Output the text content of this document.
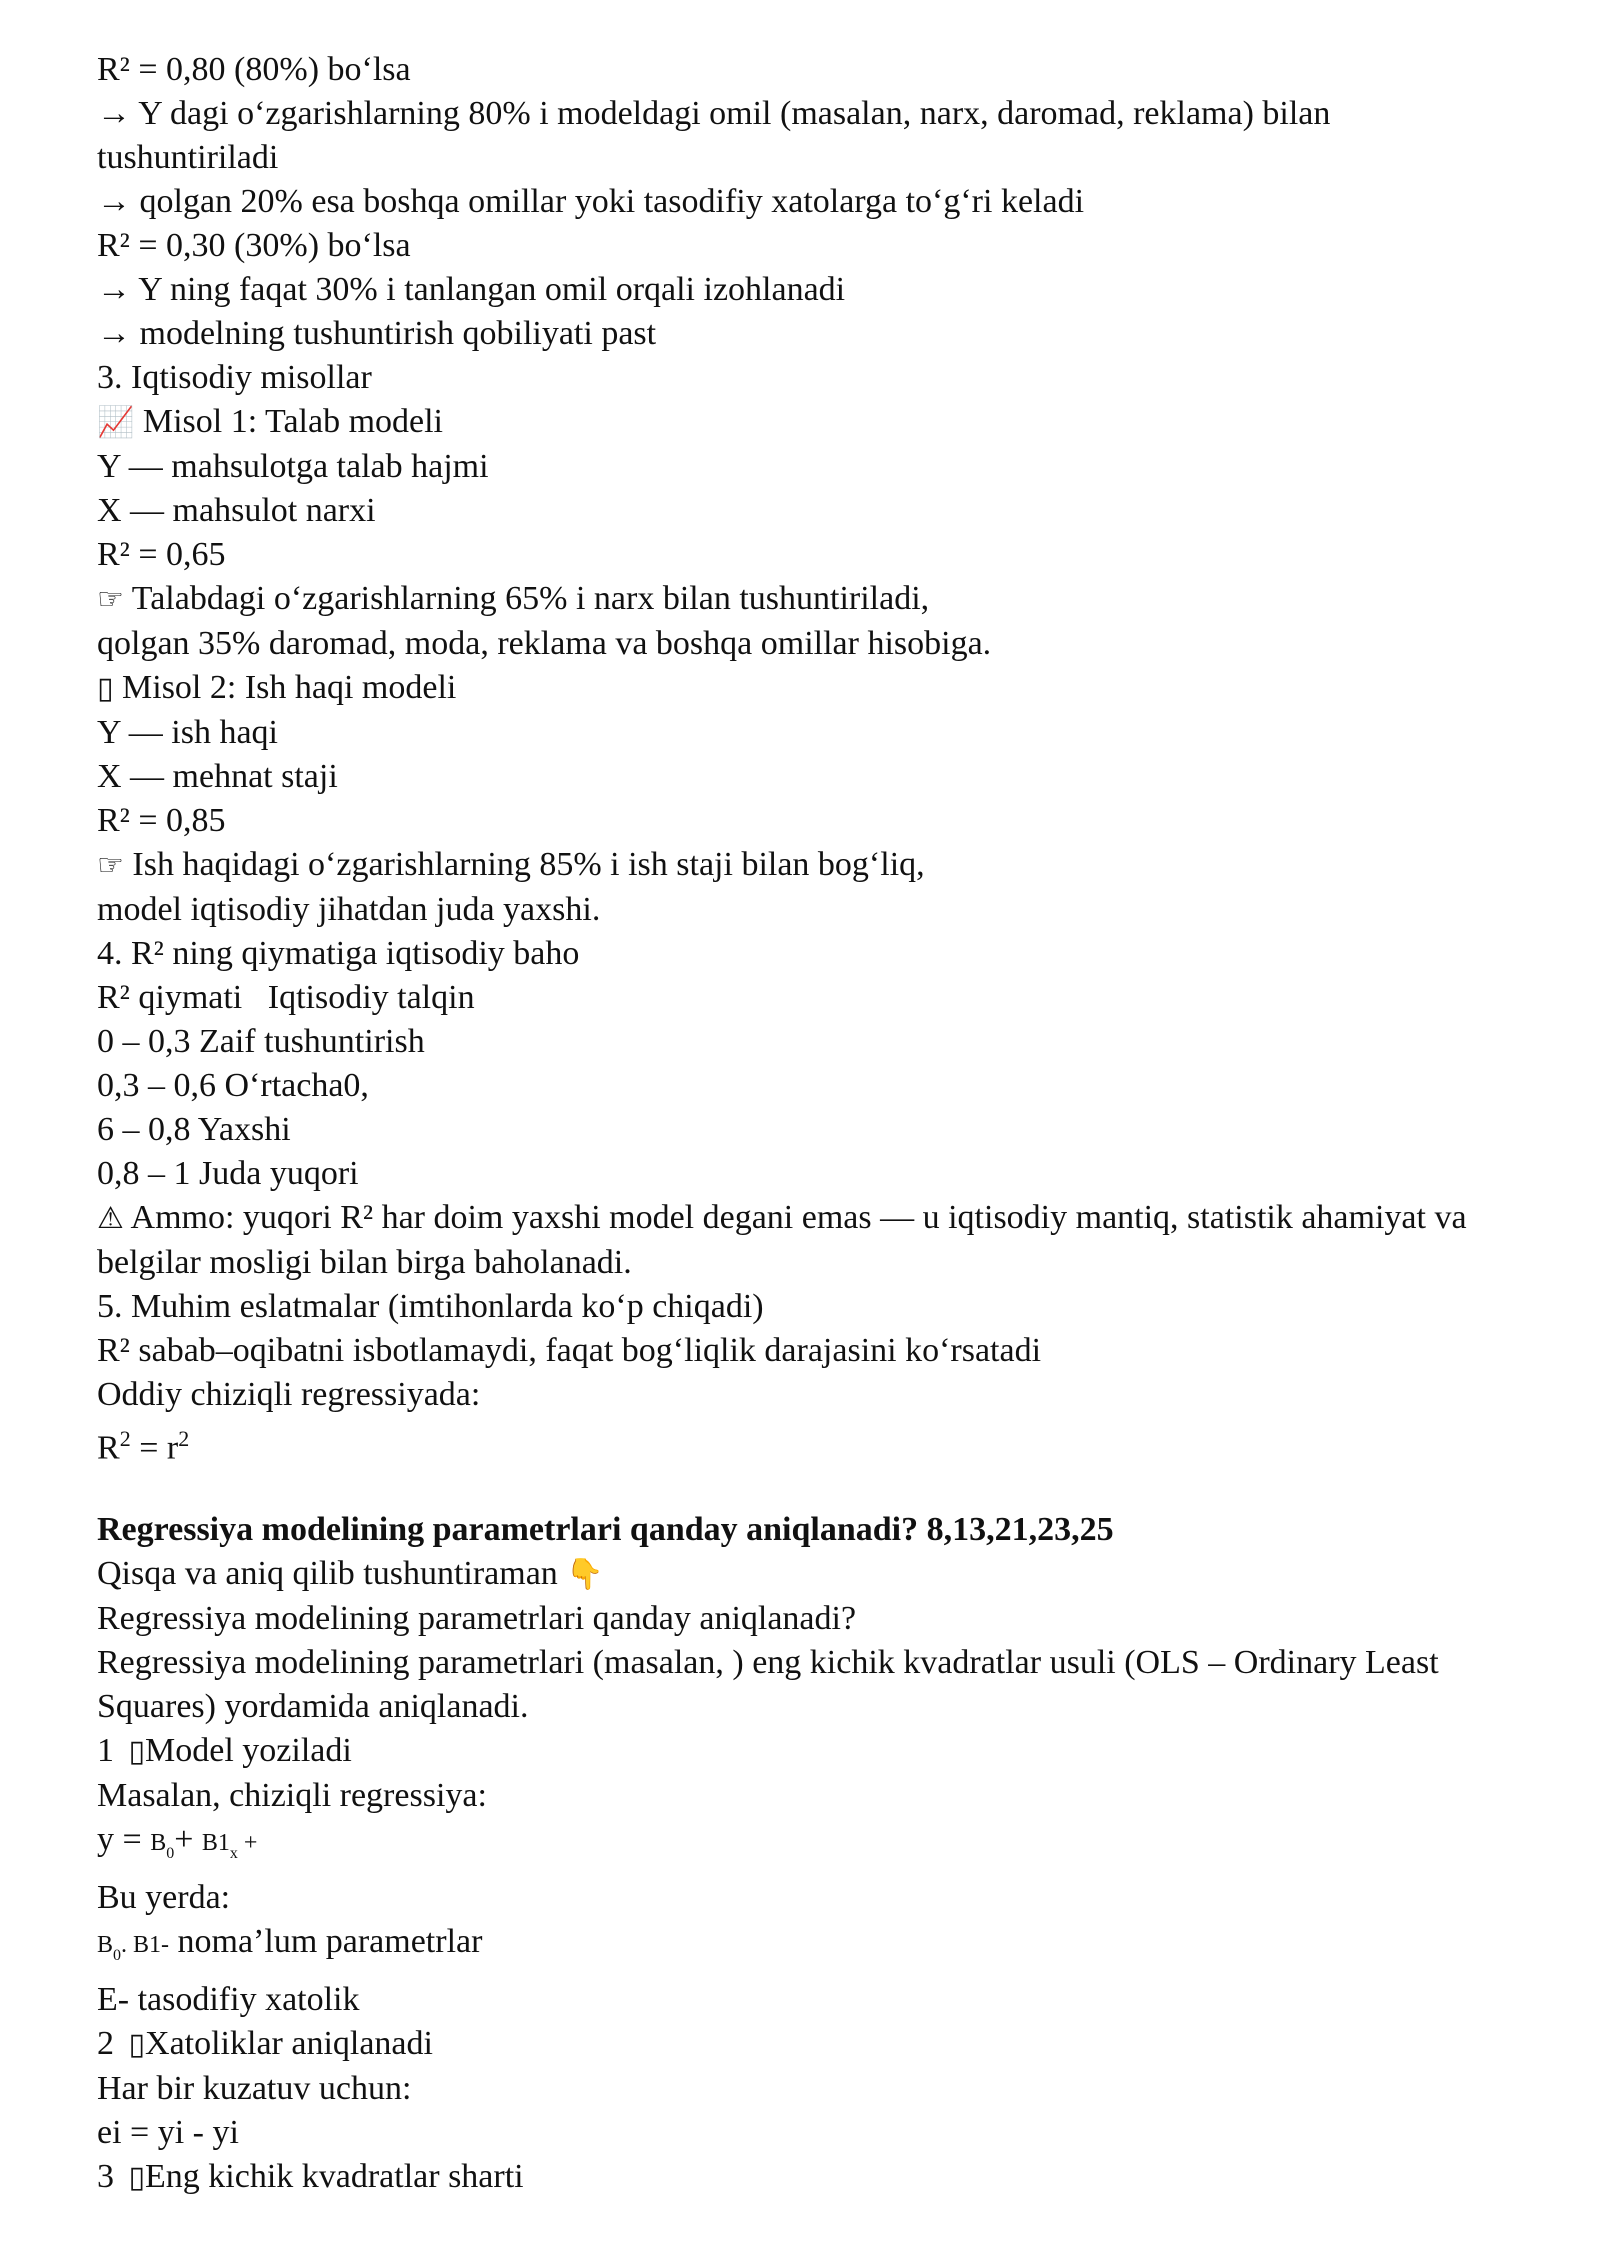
R² = 0,80 (80%) bo‘lsa
→ Y dagi o‘zgarishlarning 80% i modeldagi omil (masalan, narx, daromad, reklama) bilan tushuntiriladi
→ qolgan 20% esa boshqa omillar yoki tasodifiy xatolarga to‘g‘ri keladi
R² = 0,30 (30%) bo‘lsa
→ Y ning faqat 30% i tanlangan omil orqali izohlanadi
→ modelning tushuntirish qobiliyati past
3. Iqtisodiy misollar
📈 Misol 1: Talab modeli
Y — mahsulotga talab hajmi
X — mahsulot narxi
R² = 0,65
☞ Talabdagi o‘zgarishlarning 65% i narx bilan tushuntiriladi,
qolgan 35% daromad, moda, reklama va boshqa omillar hisobiga.
▯ Misol 2: Ish haqi modeli
Y — ish haqi
X — mehnat staji
R² = 0,85
☞ Ish haqidagi o‘zgarishlarning 85% i ish staji bilan bog‘liq,
model iqtisodiy jihatdan juda yaxshi.
4. R² ning qiymatiga iqtisodiy baho
R² qiymati   Iqtisodiy talqin
0 – 0,3 Zaif tushuntirish
0,3 – 0,6 O‘rtacha0,
6 – 0,8 Yaxshi
0,8 – 1 Juda yuqori
⚠ Ammo: yuqori R² har doim yaxshi model degani emas — u iqtisodiy mantiq, statistik ahamiyat va belgilar mosligi bilan birga baholanadi.
5. Muhim eslatmalar (imtihonlarda ko‘p chiqadi)
R² sabab–oqibatni isbotlamaydi, faqat bog‘liqlik darajasini ko‘rsatadi
Oddiy chiziqli regressiyada:
$R^2 = r^2$
Regressiya modelining parametrlari qanday aniqlanadi? 8,13,21,23,25
Qisqa va aniq qilib tushuntiraman 👇
Regressiya modelining parametrlari qanday aniqlanadi?
Regressiya modelining parametrlari (masalan, ) eng kichik kvadratlar usuli (OLS – Ordinary Least Squares) yordamida aniqlanadi.
1 ▯Model yoziladi
Masalan, chiziqli regressiya:
$y = B_0+ B1_x$ +
Bu yerda:
$B_0$. B1- noma’lum parametrlar
E- tasodifiy xatolik
2 ▯Xatoliklar aniqlanadi
Har bir kuzatuv uchun:
ei = yi - yi
3 ▯Eng kichik kvadratlar sharti
